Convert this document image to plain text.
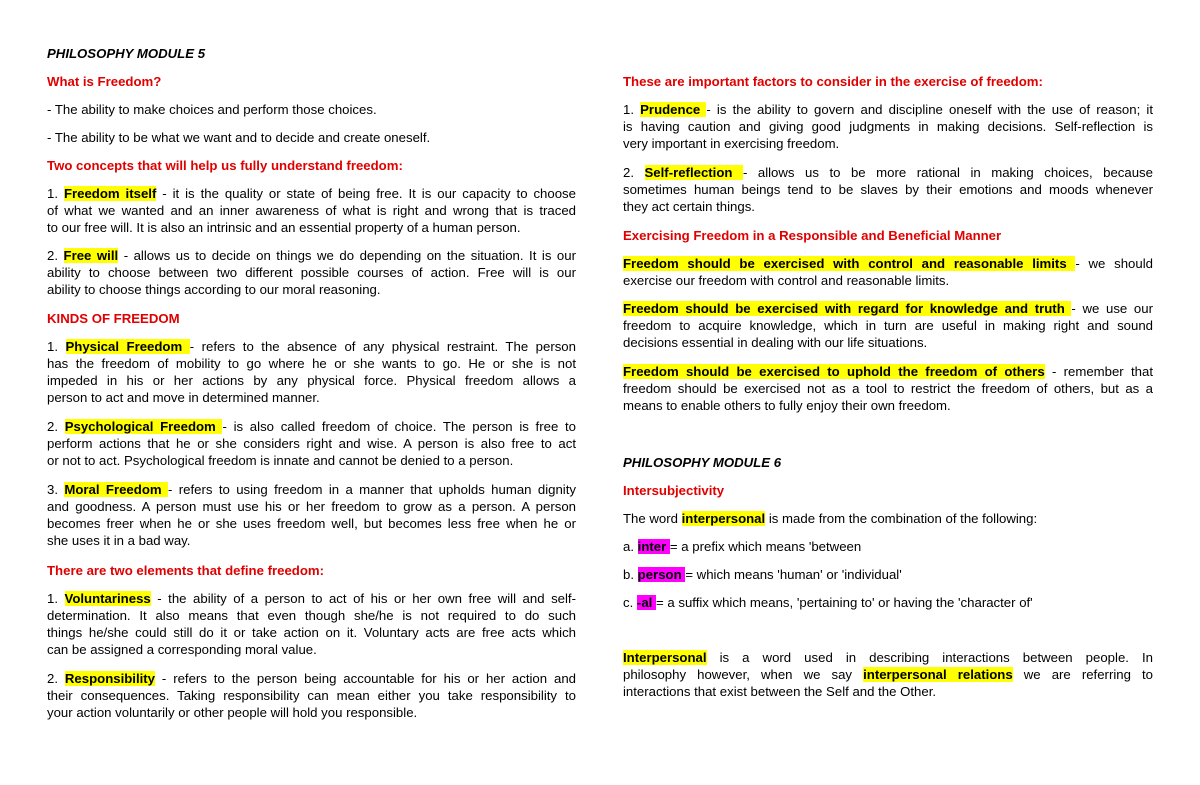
PHILOSOPHY MODULE 5
What is Freedom?
- The ability to make choices and perform those choices.
- The ability to be what we want and to decide and create oneself.
Two concepts that will help us fully understand freedom:
1. Freedom itself - it is the quality or state of being free. It is our capacity to choose
of what we wanted and an inner awareness of what is right and wrong that is traced
to our free will. It is also an intrinsic and an essential property of a human person.
2. Free will - allows us to decide on things we do depending on the situation. It is our
ability to choose between two different possible courses of action. Free will is our
ability to choose things according to our moral reasoning.
KINDS OF FREEDOM
1. Physical Freedom - refers to the absence of any physical restraint. The person
has the freedom of mobility to go where he or she wants to go. He or she is not
impeded in his or her actions by any physical force. Physical freedom allows a
person to act and move in determined manner.
2. Psychological Freedom - is also called freedom of choice. The person is free to
perform actions that he or she considers right and wise. A person is also free to act
or not to act. Psychological freedom is innate and cannot be denied to a person.
3. Moral Freedom - refers to using freedom in a manner that upholds human dignity
and goodness. A person must use his or her freedom to grow as a person. A person
becomes freer when he or she uses freedom well, but becomes less free when he or
she uses it in a bad way.
There are two elements that define freedom:
1. Voluntariness - the ability of a person to act of his or her own free will and self-
determination. It also means that even though she/he is not required to do such
things he/she could still do it or take action on it. Voluntary acts are free acts which
can be assigned a corresponding moral value.
2. Responsibility - refers to the person being accountable for his or her action and
their consequences. Taking responsibility can mean either you take responsibility to
your action voluntarily or other people will hold you responsible.
These are important factors to consider in the exercise of freedom:
1. Prudence - is the ability to govern and discipline oneself with the use of reason; it
is having caution and giving good judgments in making decisions. Self-reflection is
very important in exercising freedom.
2. Self-reflection - allows us to be more rational in making choices, because
sometimes human beings tend to be slaves by their emotions and moods whenever
they act certain things.
Exercising Freedom in a Responsible and Beneficial Manner
Freedom should be exercised with control and reasonable limits - we should
exercise our freedom with control and reasonable limits.
Freedom should be exercised with regard for knowledge and truth - we use our
freedom to acquire knowledge, which in turn are useful in making right and sound
decisions essential in dealing with our life situations.
Freedom should be exercised to uphold the freedom of others - remember that
freedom should be exercised not as a tool to restrict the freedom of others, but as a
means to enable others to fully enjoy their own freedom.
PHILOSOPHY MODULE 6
Intersubjectivity
The word interpersonal is made from the combination of the following:
a. inter = a prefix which means 'between
b. person = which means 'human' or 'individual'
c. -al = a suffix which means, 'pertaining to' or having the 'character of'
Interpersonal is a word used in describing interactions between people. In
philosophy however, when we say interpersonal relations we are referring to
interactions that exist between the Self and the Other.
